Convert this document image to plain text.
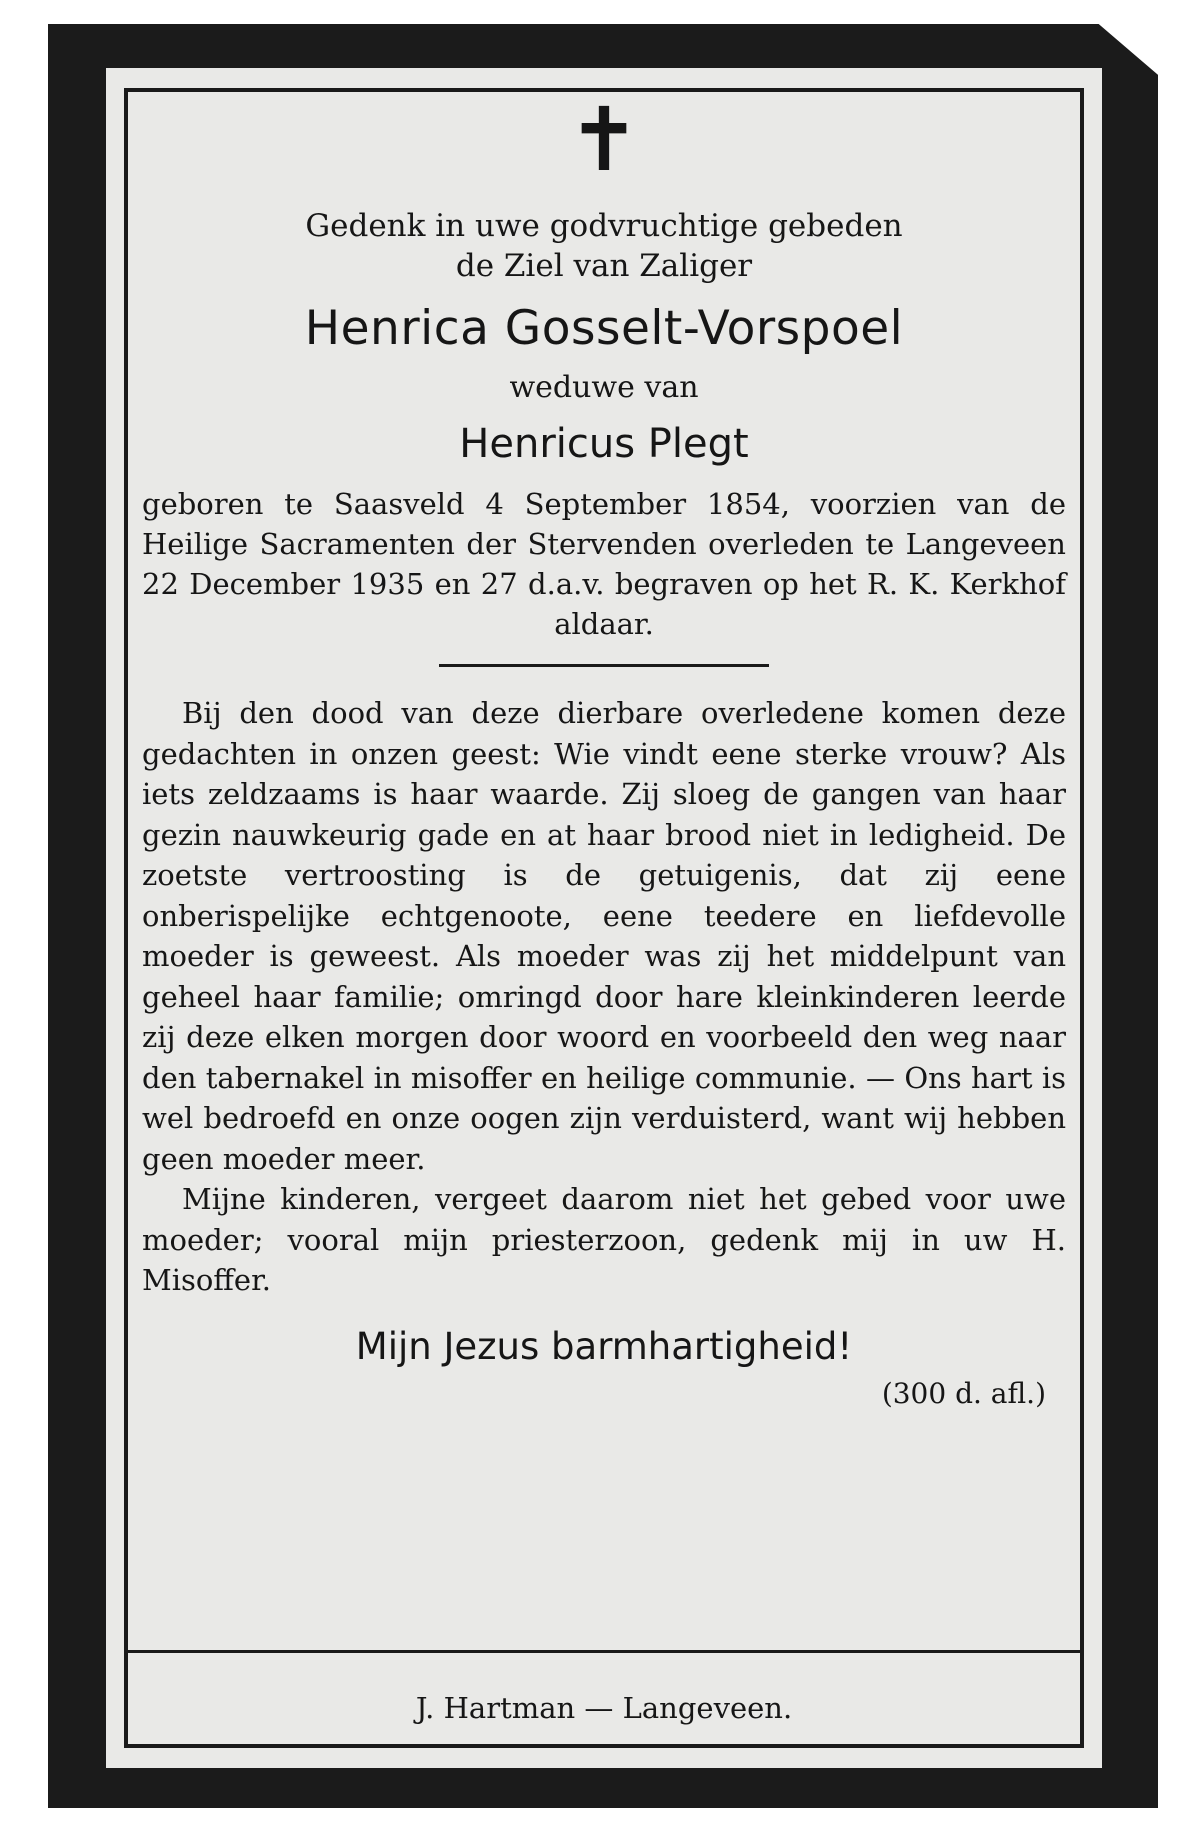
✝
Gedenk in uwe godvruchtige gebeden
de Ziel van Zaliger
Henrica Gosselt-Vorspoel
weduwe van
Henricus Plegt
geboren te Saasveld 4 September 1854, voorzien van de Heilige Sacramenten der Stervenden overleden te Langeveen 22 December 1935 en 27 d.a.v. begraven op het R. K. Kerkhof aldaar.

Bij den dood van deze dierbare overledene komen deze gedachten in onzen geest: Wie vindt eene sterke vrouw? Als iets zeldzaams is haar waarde. Zij sloeg de gangen van haar gezin nauwkeurig gade en at haar brood niet in ledigheid. De zoetste vertroosting is de getuigenis, dat zij eene onberispelijke echtgenoote, eene teedere en liefdevolle moeder is geweest. Als moeder was zij het middelpunt van geheel haar familie; omringd door hare kleinkinderen leerde zij deze elken morgen door woord en voorbeeld den weg naar den tabernakel in misoffer en heilige communie. — Ons hart is wel bedroefd en onze oogen zijn verduisterd, want wij hebben geen moeder meer.

Mijne kinderen, vergeet daarom niet het gebed voor uwe moeder; vooral mijn priesterzoon, gedenk mij in uw H. Misoffer.

Mijn Jezus barmhartigheid!
(300 d. afl.)
J. Hartman — Langeveen.
